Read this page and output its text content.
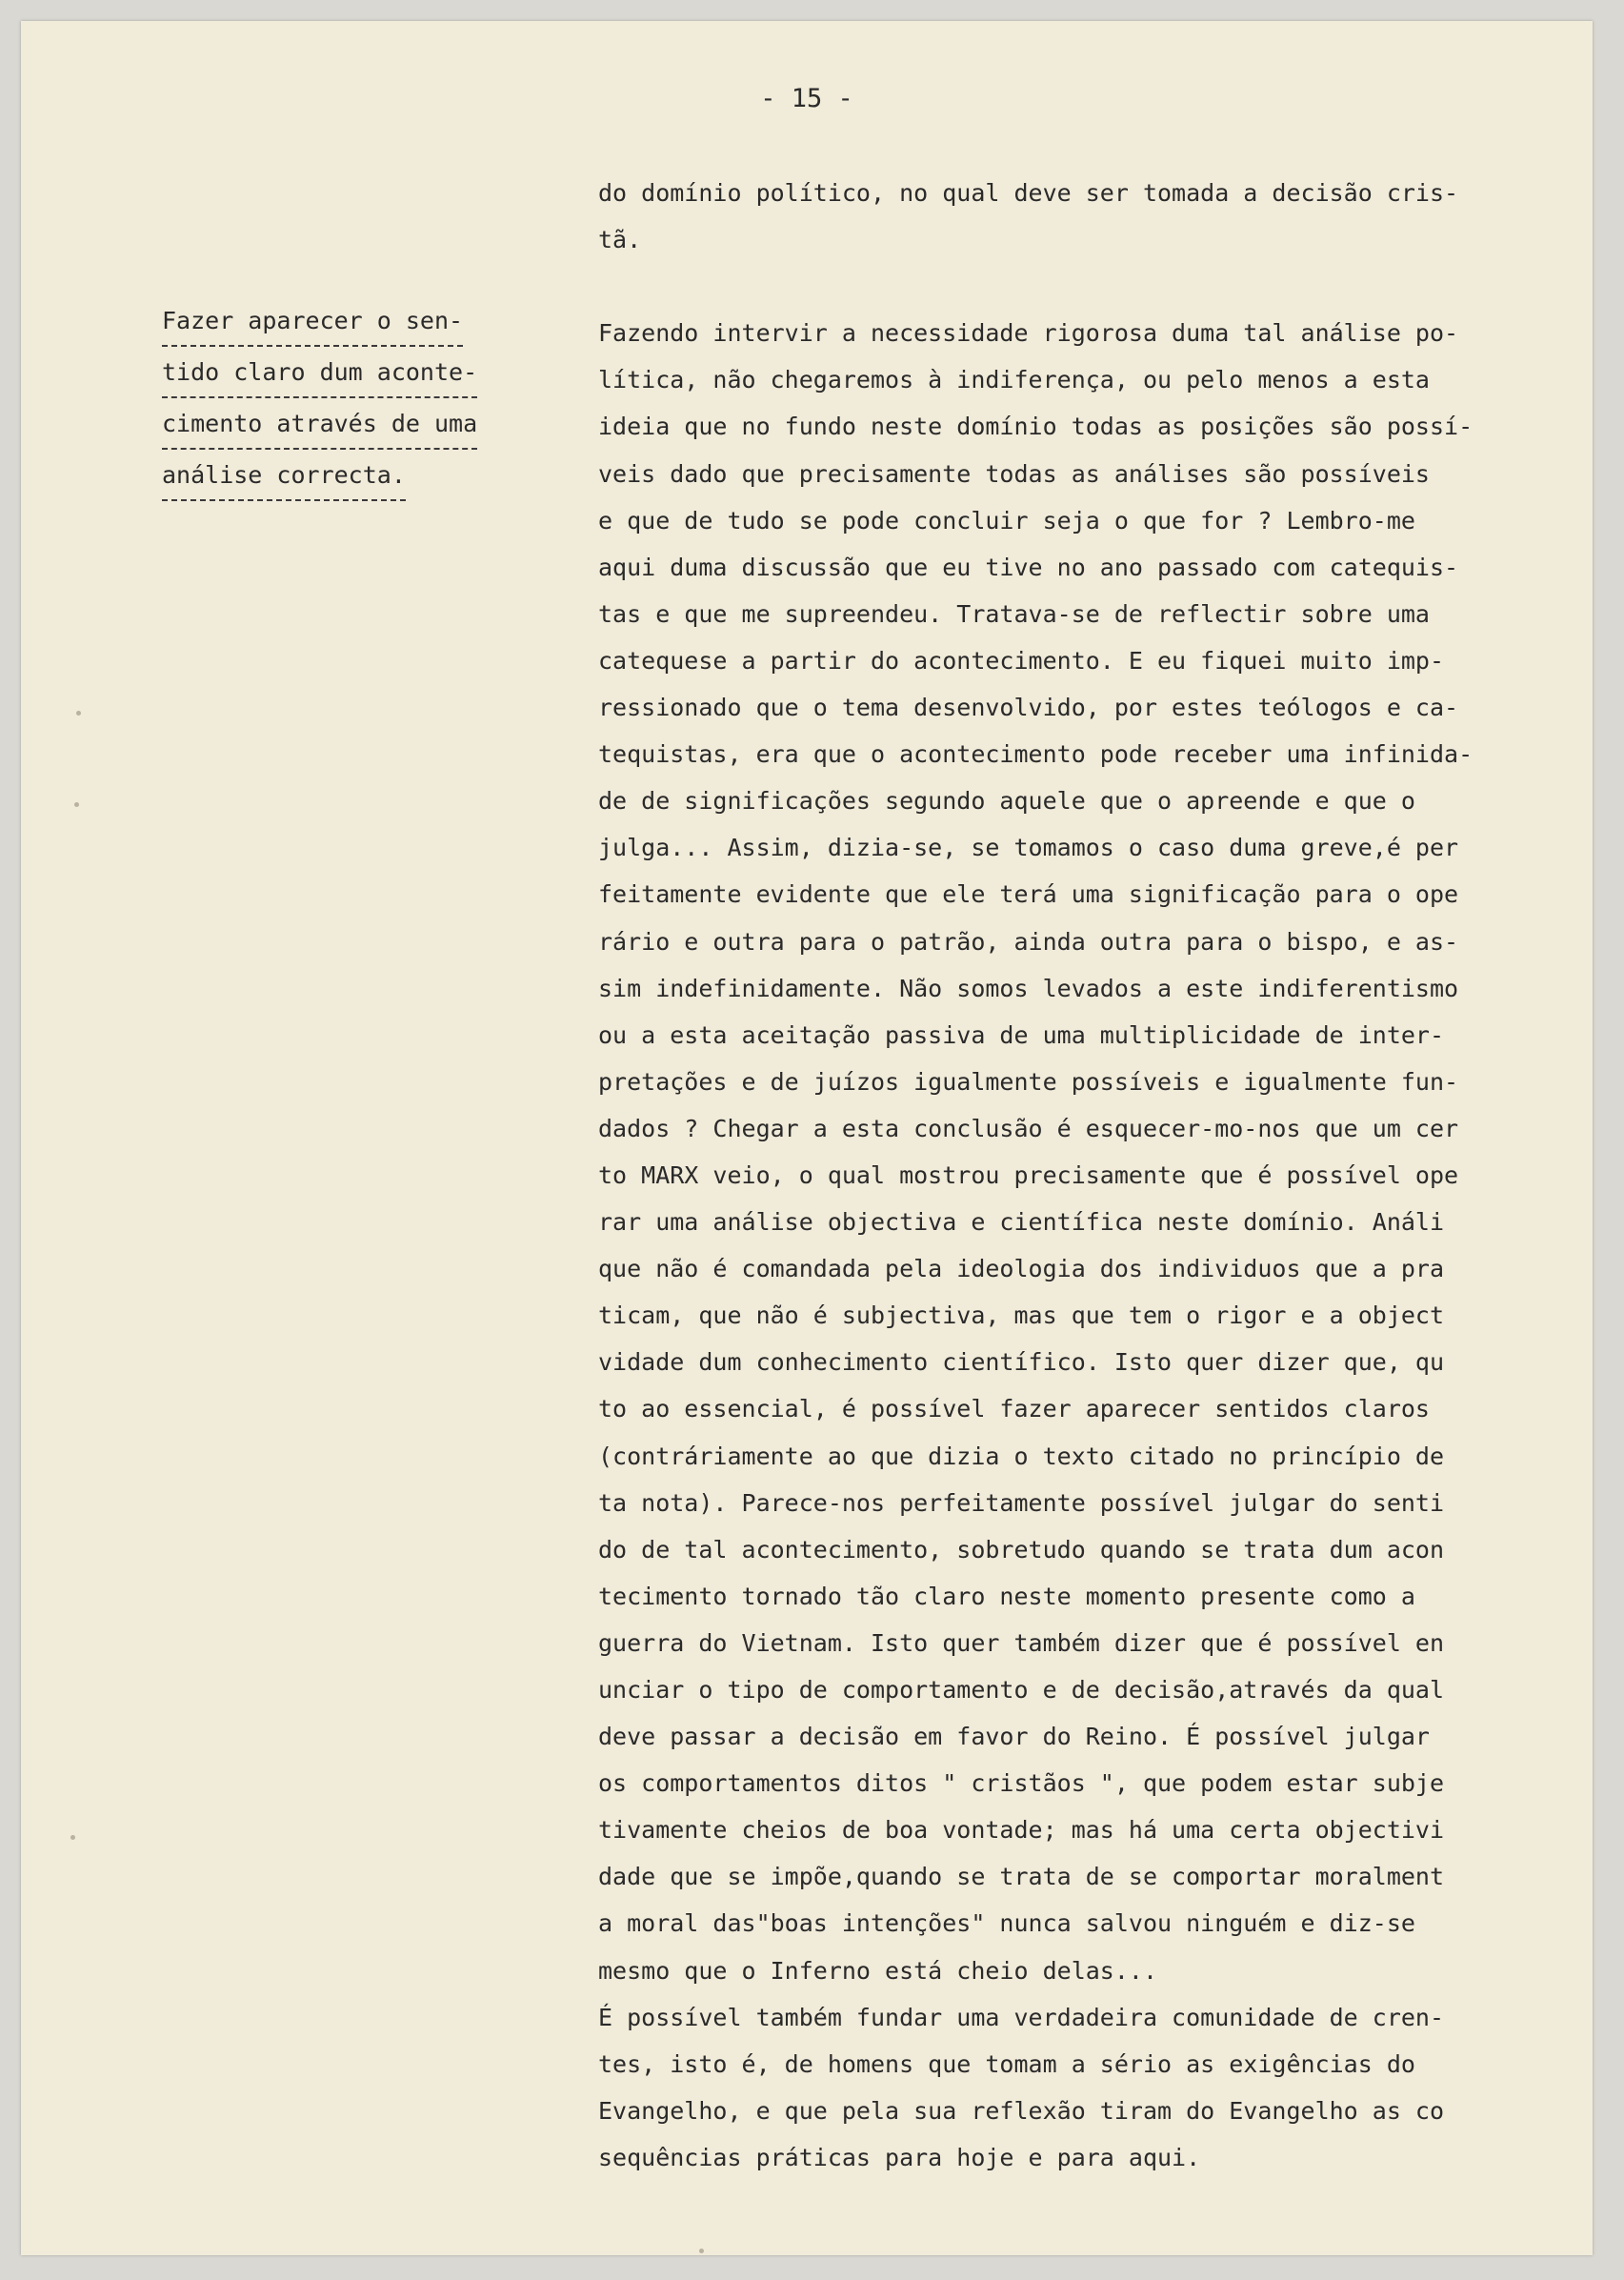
- 15 -
Fazer aparecer o sen-
tido claro dum aconte-
cimento através de uma
análise correcta.
do domínio político, no qual deve ser tomada a decisão cris-
tã.
Fazendo intervir a necessidade rigorosa duma tal análise po-
lítica, não chegaremos à indiferença, ou pelo menos a esta
ideia que no fundo neste domínio todas as posições são possí-
veis dado que precisamente todas as análises são possíveis
e que de tudo se pode concluir seja o que for ? Lembro-me
aqui duma discussão que eu tive no ano passado com catequis-
tas e que me supreendeu. Tratava-se de reflectir sobre uma
catequese a partir do acontecimento. E eu fiquei muito imp-
ressionado que o tema desenvolvido, por estes teólogos e ca-
tequistas, era que o acontecimento pode receber uma infinida-
de de significações segundo aquele que o apreende e que o
julga... Assim, dizia-se, se tomamos o caso duma greve,é per
feitamente evidente que ele terá uma significação para o ope
rário e outra para o patrão, ainda outra para o bispo, e as-
sim indefinidamente. Não somos levados a este indiferentismo
ou a esta aceitação passiva de uma multiplicidade de inter-
pretações e de juízos igualmente possíveis e igualmente fun-
dados ? Chegar a esta conclusão é esquecer-mo-nos que um cer
to MARX veio, o qual mostrou precisamente que é possível ope
rar uma análise objectiva e científica neste domínio. Análi
que não é comandada pela ideologia dos individuos que a pra
ticam, que não é subjectiva, mas que tem o rigor e a object
vidade dum conhecimento científico. Isto quer dizer que, qu
to ao essencial, é possível fazer aparecer sentidos claros
(contráriamente ao que dizia o texto citado no princípio de
ta nota). Parece-nos perfeitamente possível julgar do senti
do de tal acontecimento, sobretudo quando se trata dum acon
tecimento tornado tão claro neste momento presente como a
guerra do Vietnam. Isto quer também dizer que é possível en
unciar o tipo de comportamento e de decisão,através da qual
deve passar a decisão em favor do Reino. É possível julgar
os comportamentos ditos " cristãos ", que podem estar subje
tivamente cheios de boa vontade; mas há uma certa objectivi
dade que se impõe,quando se trata de se comportar moralment
a moral das"boas intenções" nunca salvou ninguém e diz-se
mesmo que o Inferno está cheio delas...
É possível também fundar uma verdadeira comunidade de cren-
tes, isto é, de homens que tomam a sério as exigências do
Evangelho, e que pela sua reflexão tiram do Evangelho as co
sequências práticas para hoje e para aqui.
